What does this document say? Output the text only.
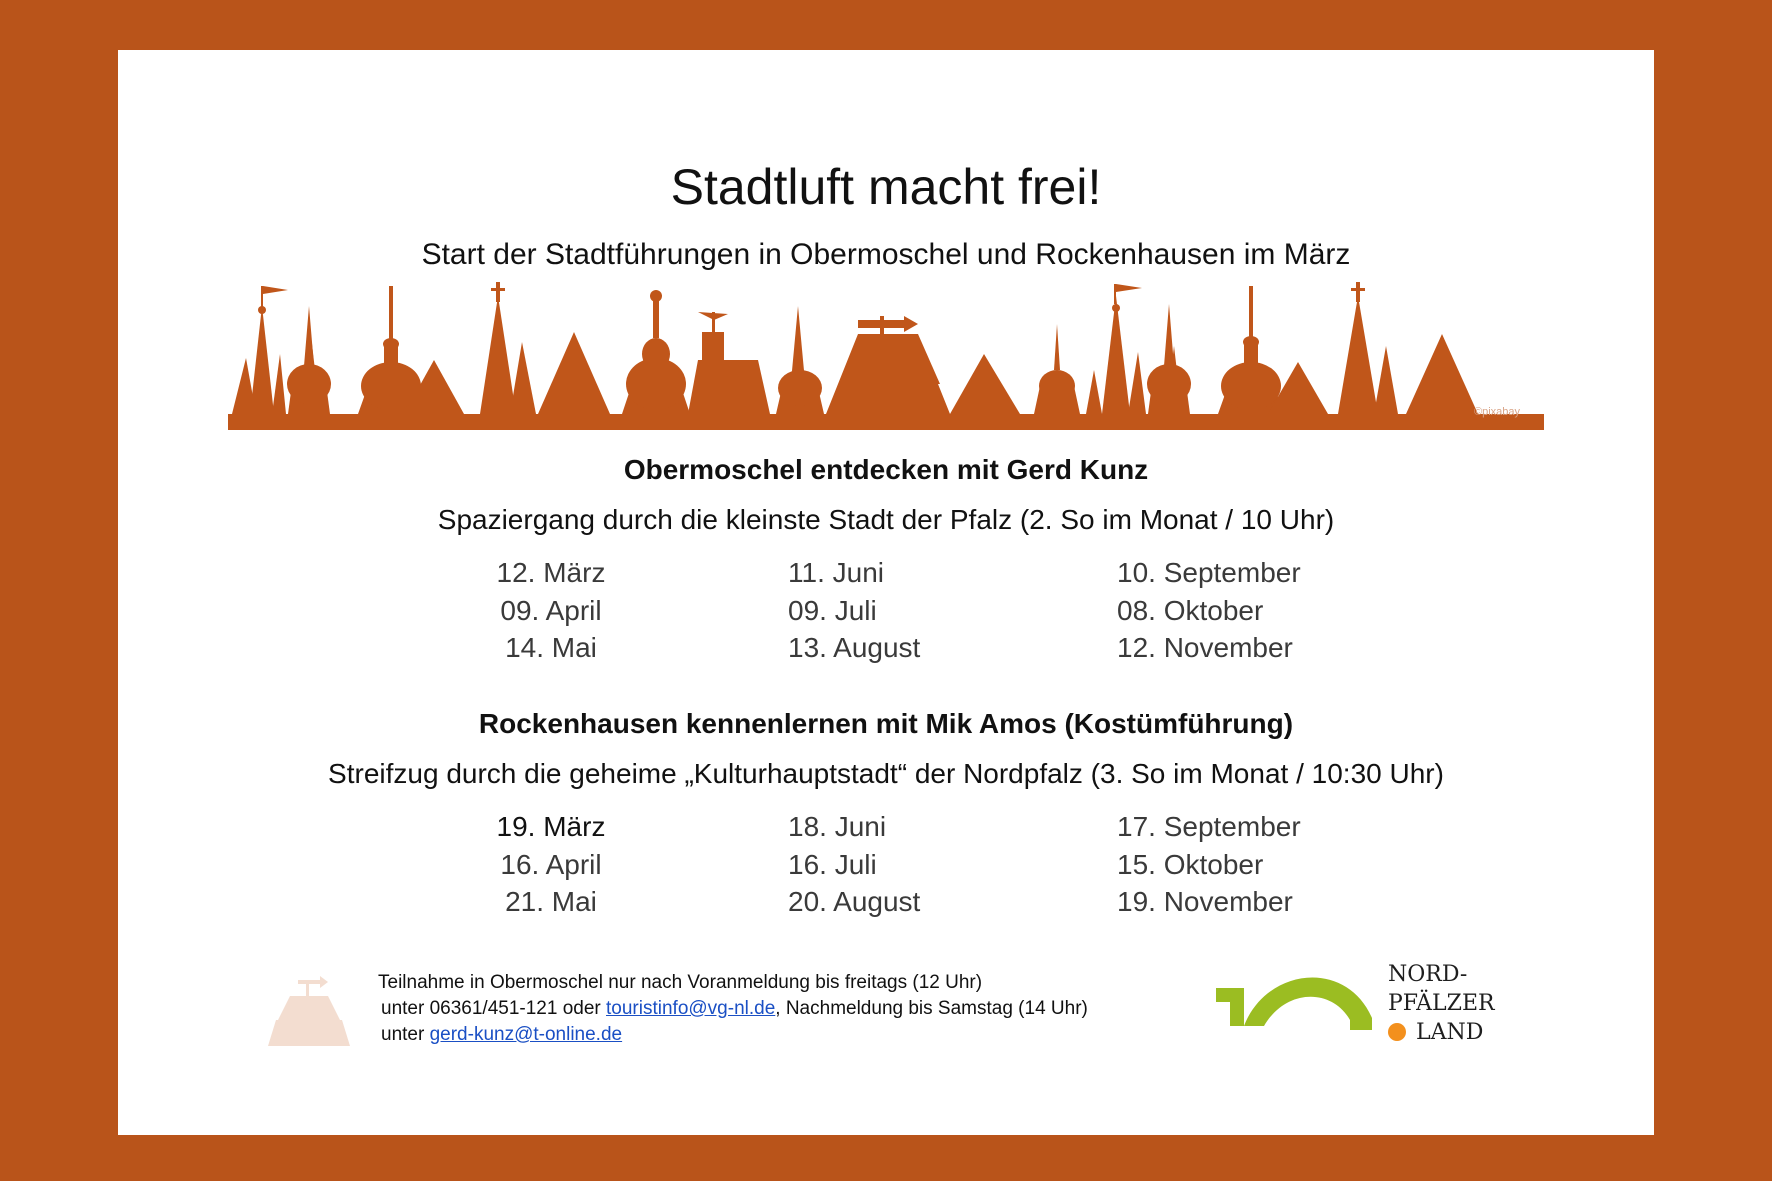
Stadtluft macht frei!
Start der Stadtführungen in Obermoschel und Rockenhausen im März
©pixabay
Obermoschel entdecken mit Gerd Kunz
Spaziergang durch die kleinste Stadt der Pfalz (2. So im Monat / 10 Uhr)
12. März
09. April
14. Mai
11. Juni
09. Juli
13. August
10. September
08. Oktober
12. November
Rockenhausen kennenlernen mit Mik Amos (Kostümführung)
Streifzug durch die geheime „Kulturhauptstadt“ der Nordpfalz (3. So im Monat / 10:30 Uhr)
19. März
16. April
21. Mai
18. Juni
16. Juli
20. August
17. September
15. Oktober
19. November
Teilnahme in Obermoschel nur nach Voranmeldung bis freitags (12 Uhr)
unter 06361/451-121 oder touristinfo@vg-nl.de, Nachmeldung bis Samstag (14 Uhr)
unter gerd-kunz@t-online.de
NORD-
PFÄLZER
LAND
